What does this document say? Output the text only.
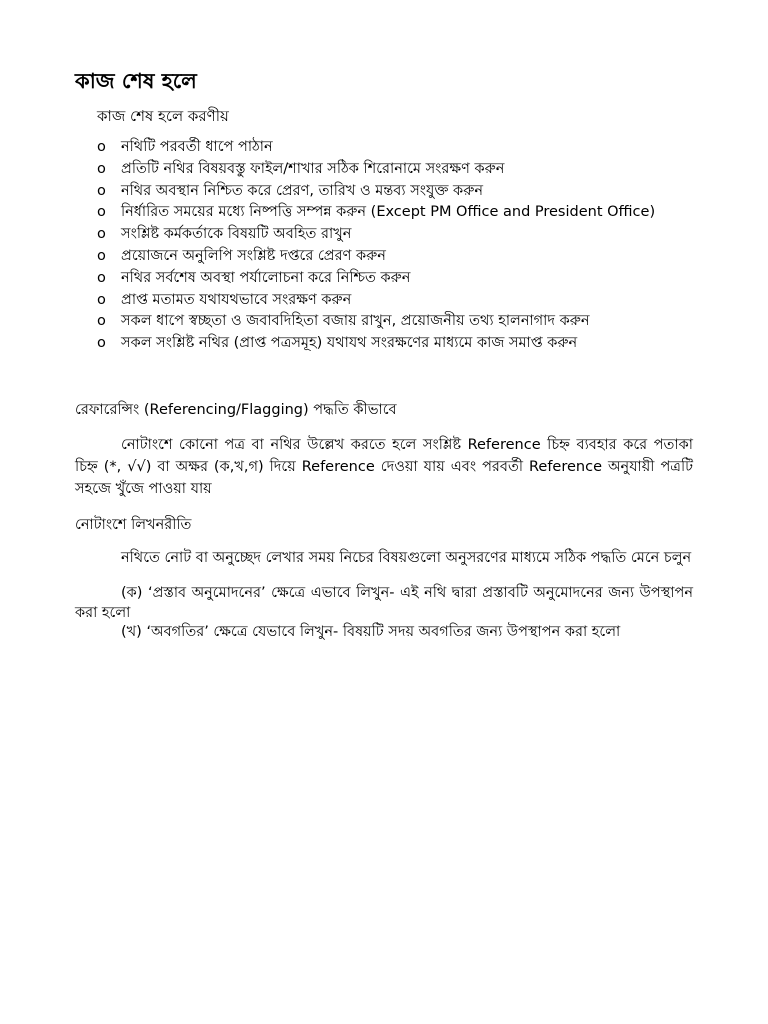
কাজ শেষ হলে
কাজ শেষ হলে করণীয়
o নথিটি পরবর্তী ধাপে পাঠান
o প্রতিটি নথির বিষয়বস্তু ফাইল/শাখার সঠিক শিরোনামে সংরক্ষণ করুন
o নথির অবস্থান নিশ্চিত করে প্রেরণ, তারিখ ও মন্তব্য সংযুক্ত করুন
o নির্ধারিত সময়ের মধ্যে নিষ্পত্তি সম্পন্ন করুন (Except PM Office and President Office)
o সংশ্লিষ্ট কর্মকর্তাকে বিষয়টি অবহিত রাখুন
o প্রয়োজনে অনুলিপি সংশ্লিষ্ট দপ্তরে প্রেরণ করুন
o নথির সর্বশেষ অবস্থা পর্যালোচনা করে নিশ্চিত করুন
o প্রাপ্ত মতামত যথাযথভাবে সংরক্ষণ করুন
o সকল ধাপে স্বচ্ছতা ও জবাবদিহিতা বজায় রাখুন, প্রয়োজনীয় তথ্য হালনাগাদ করুন
o সকল সংশ্লিষ্ট নথির (প্রাপ্ত পত্রসমূহ) যথাযথ সংরক্ষণের মাধ্যমে কাজ সমাপ্ত করুন
রেফারেন্সিং (Referencing/Flagging) পদ্ধতি কীভাবে

নোটাংশে কোনো পত্র বা নথির উল্লেখ করতে হলে সংশ্লিষ্ট Reference চিহ্ন ব্যবহার করে পতাকা চিহ্ন (*, √√) বা অক্ষর (ক,খ,গ) দিয়ে Reference দেওয়া যায় এবং পরবর্তী Reference অনুযায়ী পত্রটি সহজে খুঁজে পাওয়া যায়

নোটাংশে লিখনরীতি

নথিতে নোট বা অনুচ্ছেদ লেখার সময় নিচের বিষয়গুলো অনুসরণের মাধ্যমে সঠিক পদ্ধতি মেনে চলুন

(ক) ‘প্রস্তাব অনুমোদনের’ ক্ষেত্রে এভাবে লিখুন- এই নথি দ্বারা প্রস্তাবটি অনুমোদনের জন্য উপস্থাপন করা হলো

(খ) ‘অবগতির’ ক্ষেত্রে যেভাবে লিখুন- বিষয়টি সদয় অবগতির জন্য উপস্থাপন করা হলো
